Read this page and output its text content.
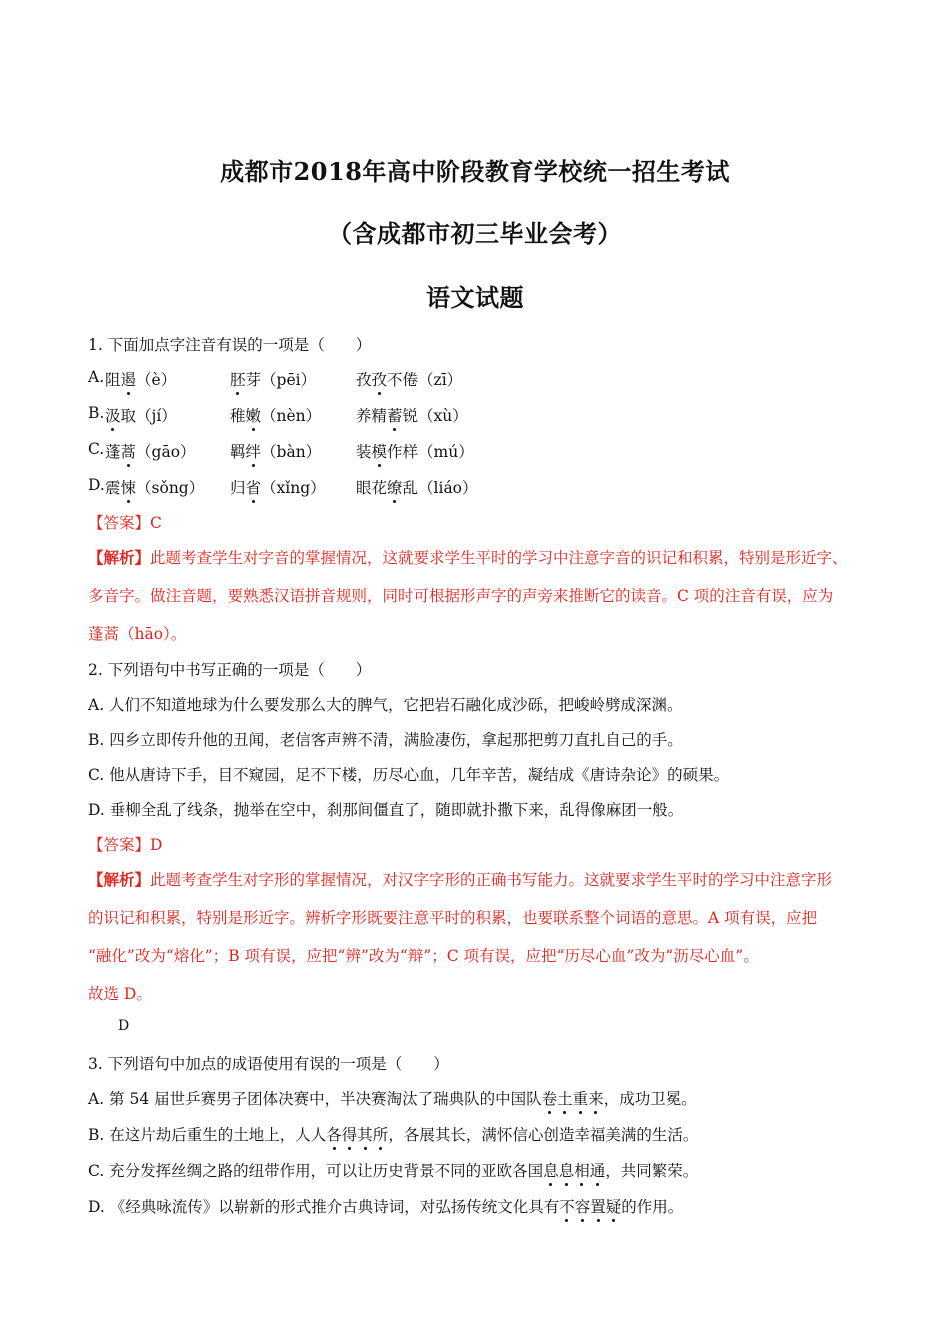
成都市2018年高中阶段教育学校统一招生考试
（含成都市初三毕业会考）
语文试题
1. 下面加点字注音有误的一项是（　　）
A. 阻遏（è）	胚芽（pēi）	孜孜不倦（zī）
B. 汲取（jí）	稚嫩（nèn） 养精蓄锐（xù）
C. 蓬蒿（gāo） 羁绊（bàn） 装模作样（mú）
D. 震悚（sǒng） 归省（xǐng） 眼花缭乱（liáo）
【答案】C
【解析】此题考查学生对字音的掌握情况，这就要求学生平时的学习中注意字音的识记和积累，特别是形近字、
多音字。做注音题，要熟悉汉语拼音规则，同时可根据形声字的声旁来推断它的读音。C 项的注音有误，应为
蓬蒿（hāo）。
2. 下列语句中书写正确的一项是（　　）
A. 人们不知道地球为什么要发那么大的脾气，它把岩石融化成沙砾，把峻岭劈成深渊。
B. 四乡立即传升他的丑闻，老信客声辨不清，满脸凄伤，拿起那把剪刀直扎自己的手。
C. 他从唐诗下手，目不窥园，足不下楼，历尽心血，几年辛苦，凝结成《唐诗杂论》的硕果。
D. 垂柳全乱了线条，抛举在空中，刹那间僵直了，随即就扑撒下来，乱得像麻团一般。
【答案】D
【解析】此题考查学生对字形的掌握情况，对汉字字形的正确书写能力。这就要求学生平时的学习中注意字形
的识记和积累，特别是形近字。辨析字形既要注意平时的积累，也要联系整个词语的意思。A 项有误，应把
“融化”改为“熔化”；B 项有误，应把“辨”改为“辩”；C 项有误，应把“历尽心血”改为“沥尽心血”。
故选 D。
D
3. 下列语句中加点的成语使用有误的一项是（　　）
A. 第 54 届世乒赛男子团体决赛中，半决赛淘汰了瑞典队的中国队卷土重来，成功卫冕。
B. 在这片劫后重生的土地上，人人各得其所，各展其长，满怀信心创造幸福美满的生活。
C. 充分发挥丝绸之路的纽带作用，可以让历史背景不同的亚欧各国息息相通，共同繁荣。
D. 《经典咏流传》以崭新的形式推介古典诗词，对弘扬传统文化具有不容置疑的作用。
